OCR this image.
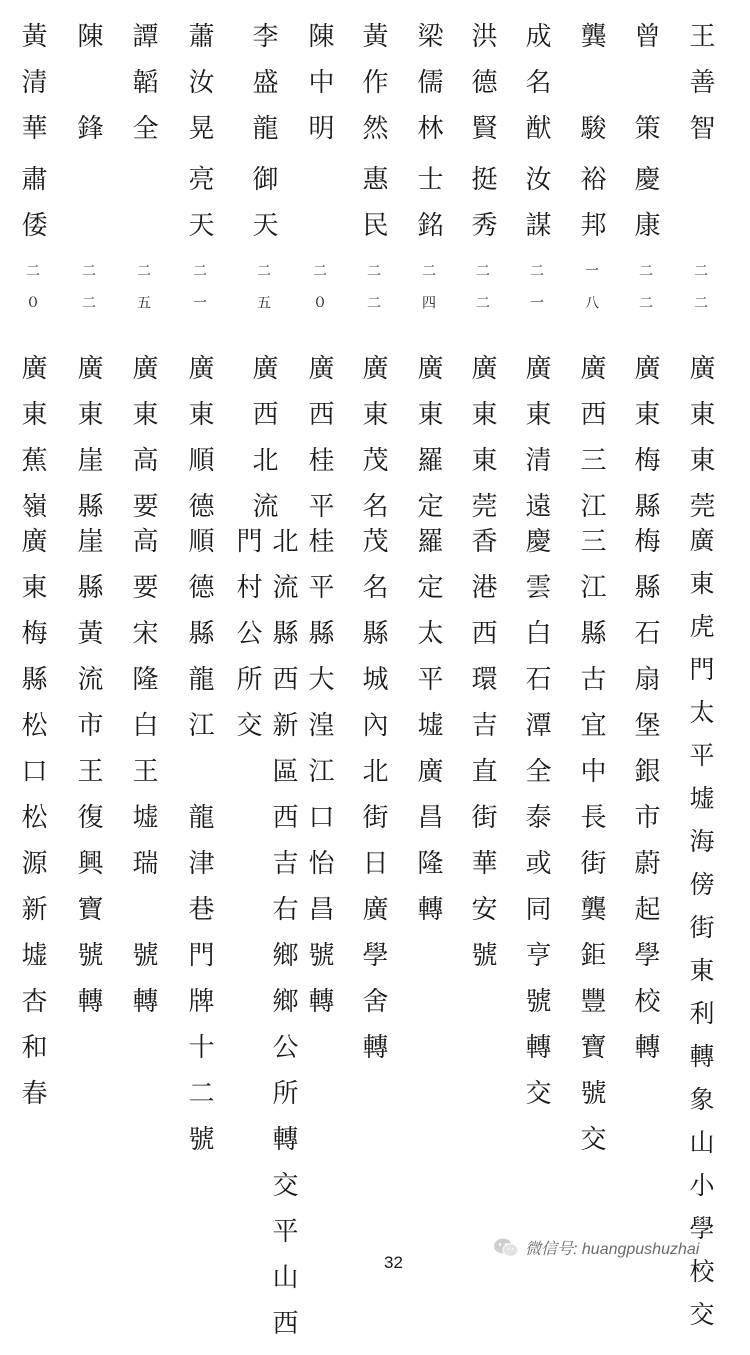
王善智
二二
廣東東莞
廣東虎門太平墟海傍街東利轉象山小學校交
曾　策
慶康
二二
廣東梅縣
梅縣石扇堡銀市蔚起學校轉
龔　駿
裕邦
一八
廣西三江
三江縣古宜中長街龔鉅豐寶號交
成名猷
汝謀
二一
廣東清遠
慶雲白石潭全泰或同亨號轉交
洪德賢
挺秀
二二
廣東東莞
香港西環吉直街華安號
梁儒林
士銘
二四
廣東羅定
羅定太平墟廣昌隆轉
黃作然
惠民
二二
廣東茂名
茂名縣城內北街日廣學舍轉
陳中明
二０
廣西桂平
桂平縣大湟江口怡昌號轉
李盛龍
御天
二五
廣西北流
北流縣西新區西吉右鄉鄉公所轉交平山西
門村公所交
蕭汝晃
亮天
二一
廣東順德
順德縣龍江　龍津巷門牌十二號
譚韜全
二五
廣東高要
高要宋隆白王墟瑞　號轉
陳　鋒
二二
廣東崖縣
崖縣黃流市王復興寶號轉
黃清華
肅倭
二０
廣東蕉嶺
廣東梅縣松口松源新墟杏和春
32
微信号: huangpushuzhai
